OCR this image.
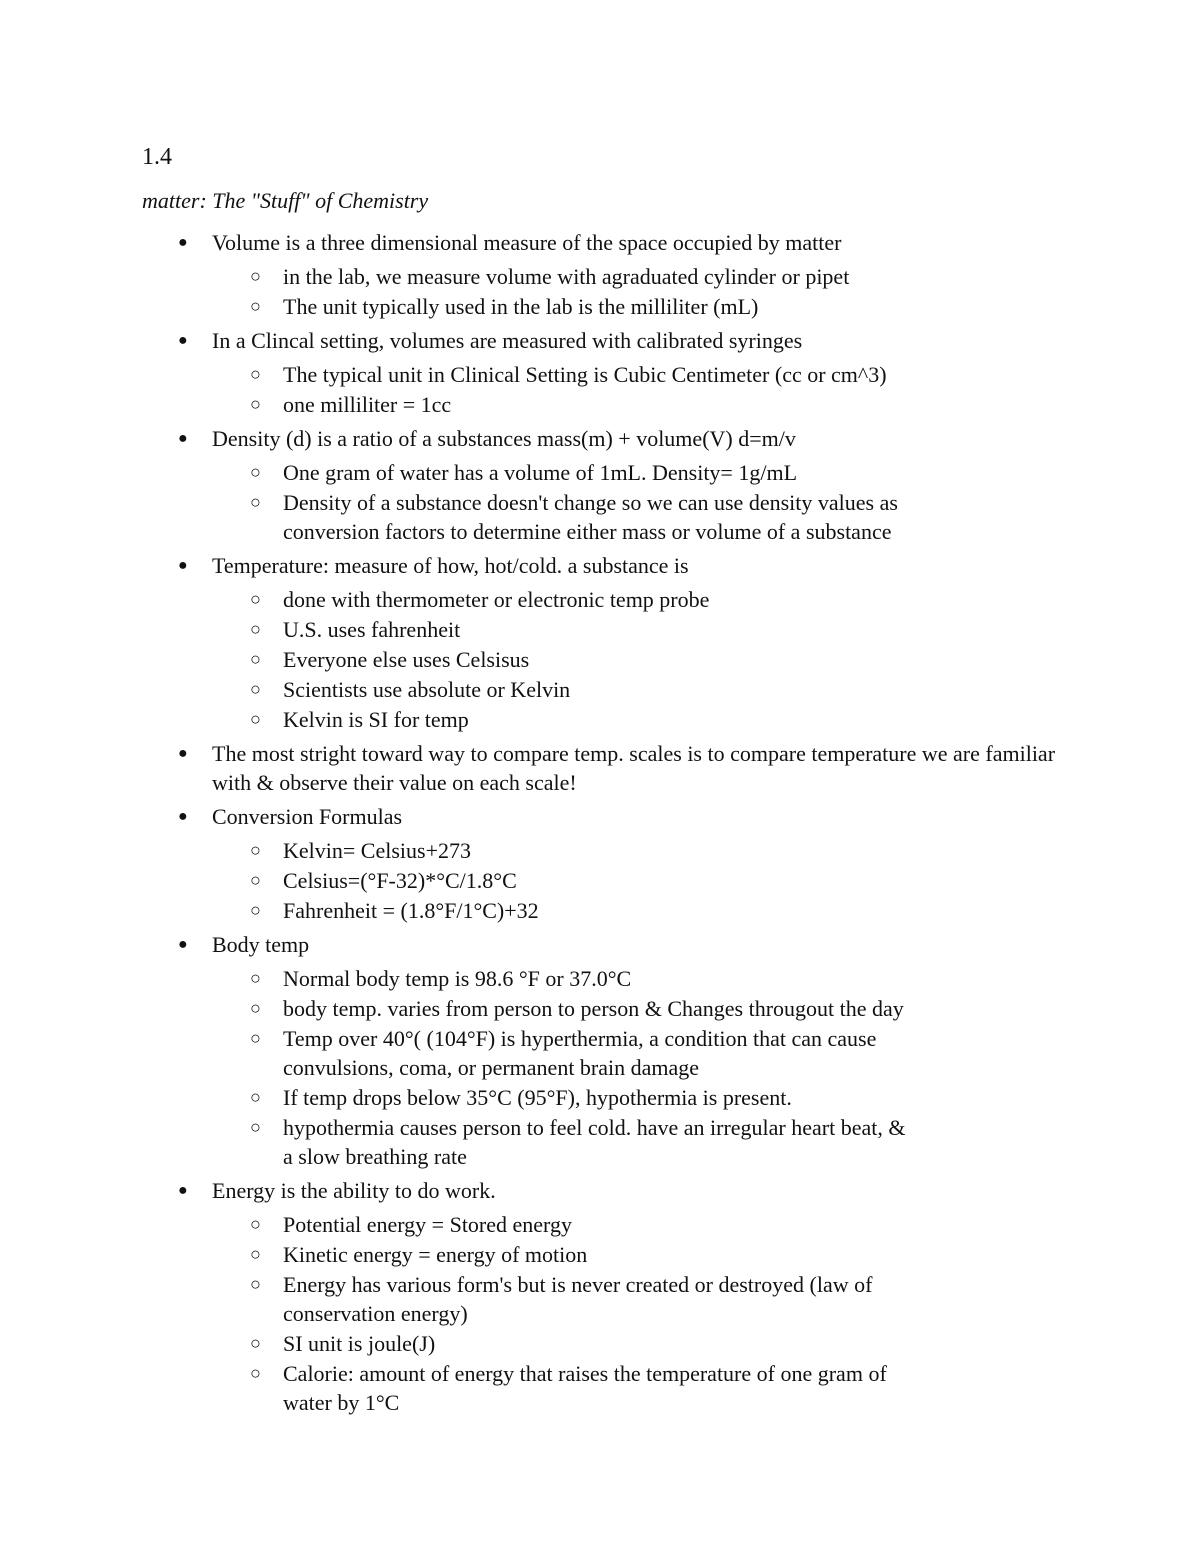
1.4

matter: The "Stuff" of Chemistry

● Volume is a three dimensional measure of the space occupied by matter
○ in the lab, we measure volume with agraduated cylinder or pipet
○ The unit typically used in the lab is the milliliter (mL)
● In a Clincal setting, volumes are measured with calibrated syringes
○ The typical unit in Clinical Setting is Cubic Centimeter (cc or cm^3)
○ one milliliter = 1cc
● Density (d) is a ratio of a substances mass(m) + volume(V) d=m/v
○ One gram of water has a volume of 1mL. Density= 1g/mL
○ Density of a substance doesn't change so we can use density values as conversion factors to determine either mass or volume of a substance
● Temperature: measure of how, hot/cold. a substance is
○ done with thermometer or electronic temp probe
○ U.S. uses fahrenheit
○ Everyone else uses Celsisus
○ Scientists use absolute or Kelvin
○ Kelvin is SI for temp
● The most stright toward way to compare temp. scales is to compare temperature we are familiar with & observe their value on each scale!
● Conversion Formulas
○ Kelvin= Celsius+273
○ Celsius=(°F-32)*°C/1.8°C
○ Fahrenheit = (1.8°F/1°C)+32
● Body temp
○ Normal body temp is 98.6 °F or 37.0°C
○ body temp. varies from person to person & Changes througout the day
○ Temp over 40°( (104°F) is hyperthermia, a condition that can cause convulsions, coma, or permanent brain damage
○ If temp drops below 35°C (95°F), hypothermia is present.
○ hypothermia causes person to feel cold. have an irregular heart beat, & a slow breathing rate
● Energy is the ability to do work.
○ Potential energy = Stored energy
○ Kinetic energy = energy of motion
○ Energy has various form's but is never created or destroyed (law of conservation energy)
○ SI unit is joule(J)
○ Calorie: amount of energy that raises the temperature of one gram of water by 1°C
